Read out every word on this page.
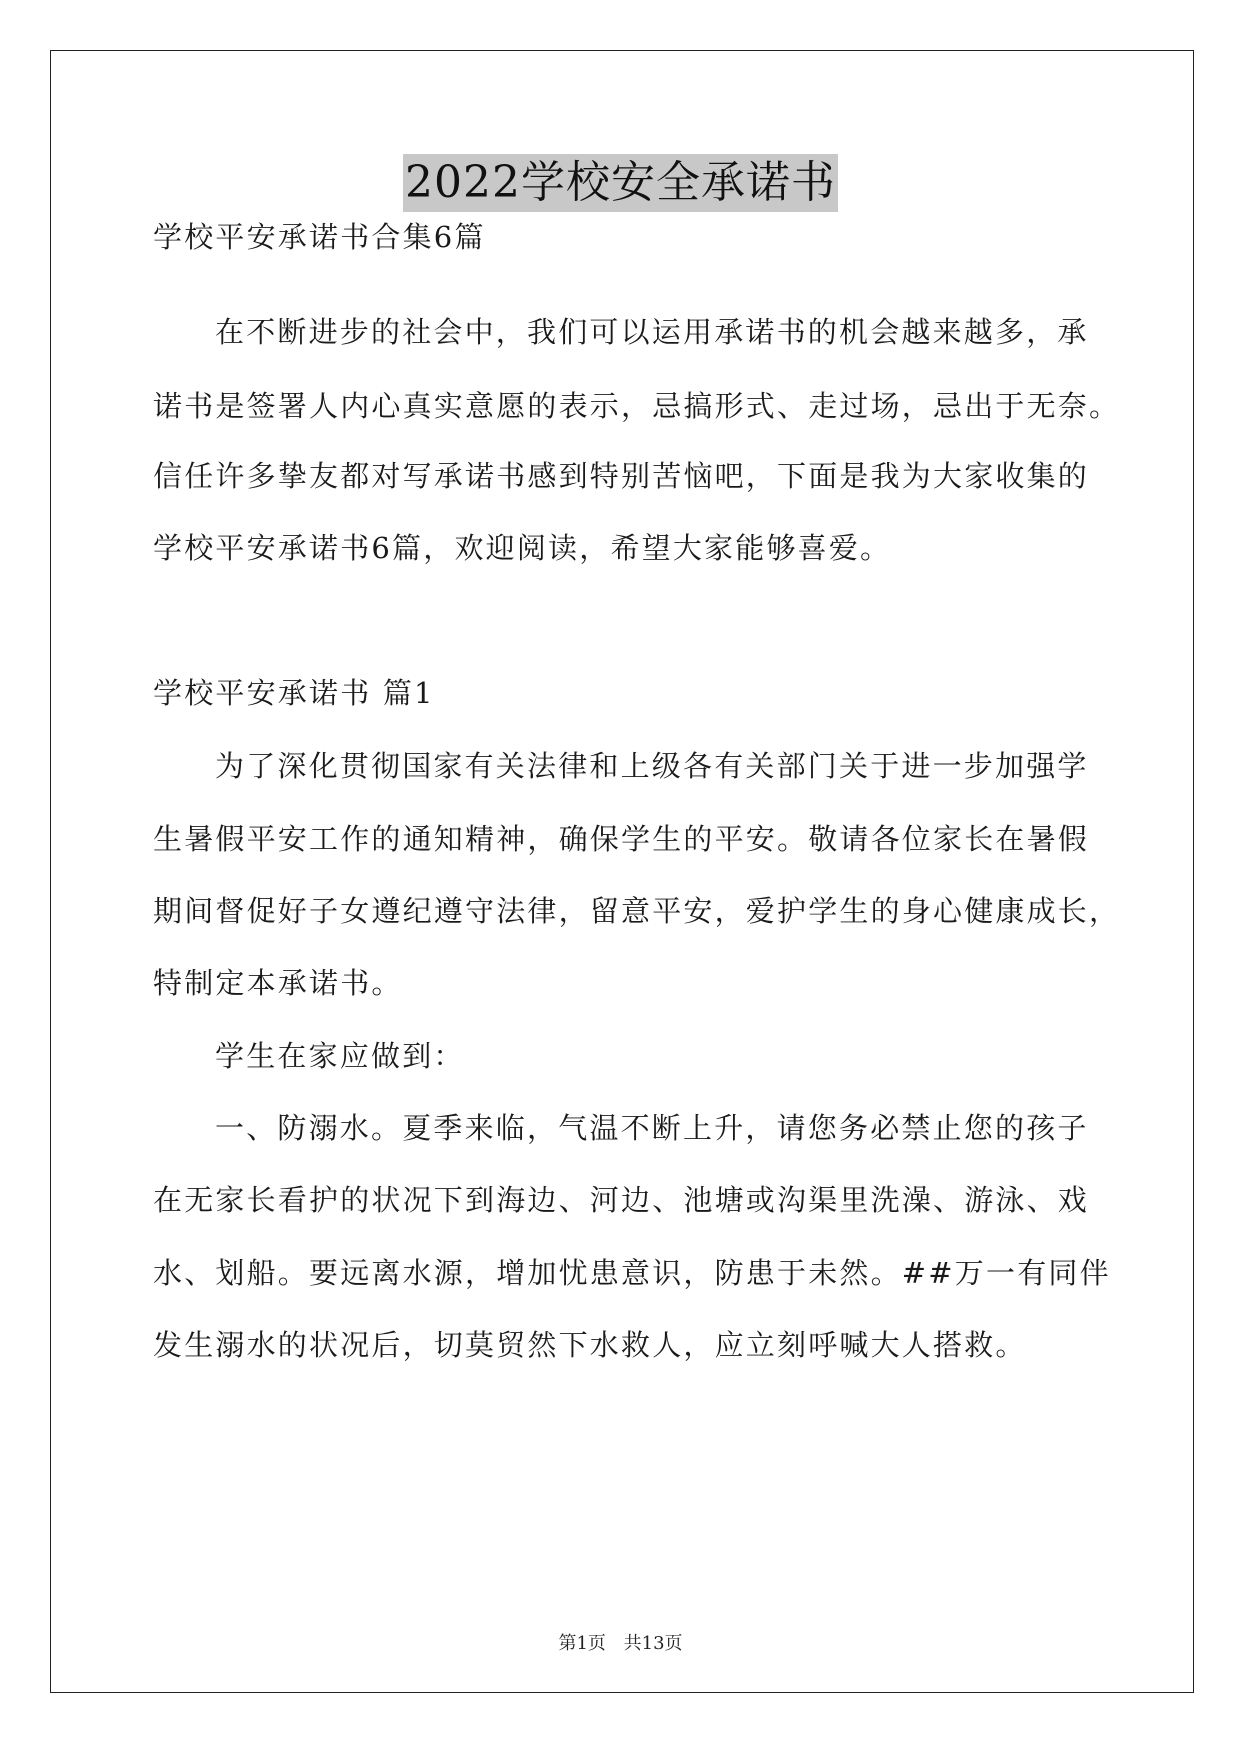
2022学校安全承诺书
学校平安承诺书合集6篇
在不断进步的社会中，我们可以运用承诺书的机会越来越多，承
诺书是签署人内心真实意愿的表示，忌搞形式、走过场，忌出于无奈。
信任许多挚友都对写承诺书感到特别苦恼吧，下面是我为大家收集的
学校平安承诺书6篇，欢迎阅读，希望大家能够喜爱。
学校平安承诺书 篇1
为了深化贯彻国家有关法律和上级各有关部门关于进一步加强学
生暑假平安工作的通知精神，确保学生的平安。敬请各位家长在暑假
期间督促好子女遵纪遵守法律，留意平安，爱护学生的身心健康成长，
特制定本承诺书。
学生在家应做到：
一、防溺水。夏季来临，气温不断上升，请您务必禁止您的孩子
在无家长看护的状况下到海边、河边、池塘或沟渠里洗澡、游泳、戏
水、划船。要远离水源，增加忧患意识，防患于未然。##万一有同伴
发生溺水的状况后，切莫贸然下水救人，应立刻呼喊大人搭救。
第1页 共13页
